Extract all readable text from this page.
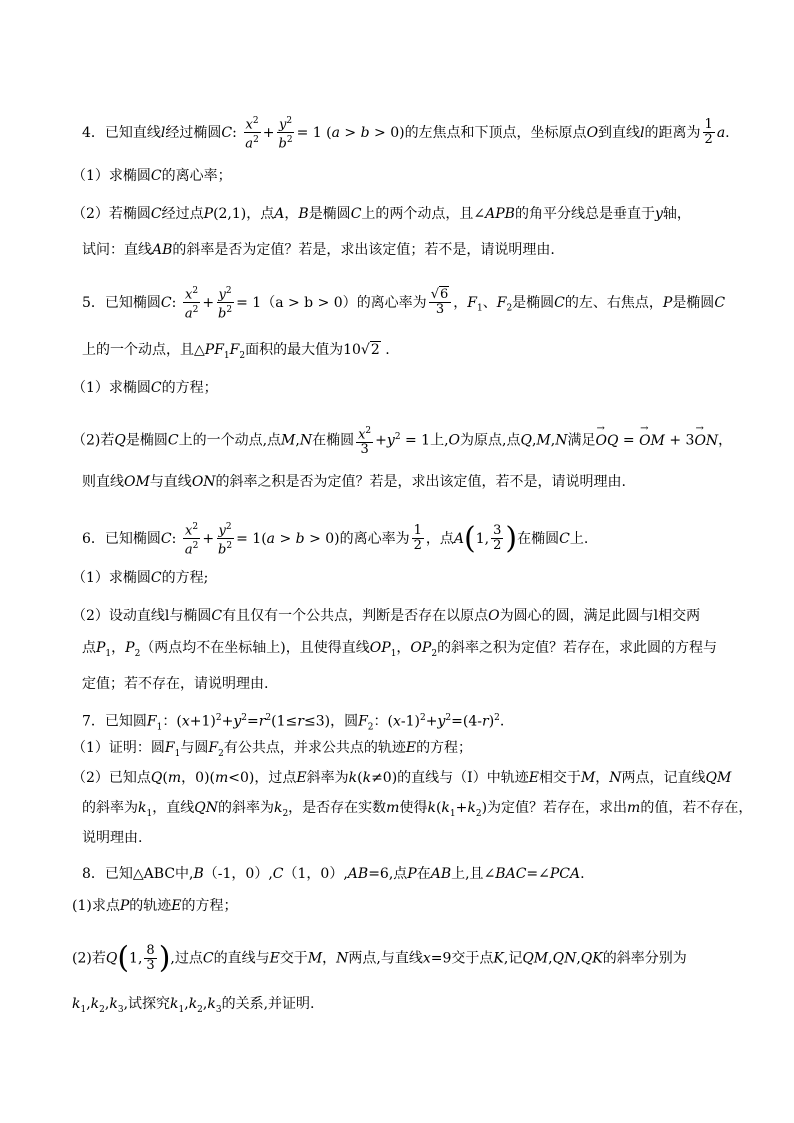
4．已知直线l经过椭圆C: $\frac{x^2}{a^2} + \frac{y^2}{b^2} = 1$ (a > b > 0)的左焦点和下顶点，坐标原点O到直线l的距离为 $\frac{1}{2} a$.
（1）求椭圆C的离心率；
（2）若椭圆C经过点P(2,1)，点A，B是椭圆C上的两个动点，且∠APB的角平分线总是垂直于y轴，
试问：直线AB的斜率是否为定值？若是，求出该定值；若不是，请说明理由.
5．已知椭圆C: $\frac{x^2}{a^2} + \frac{y^2}{b^2} = 1(a > b > 0)$的离心率为 $\frac{√6}{3}$ ，$F_1$、$F_2$是椭圆C的左、右焦点，P是椭圆C
上的一个动点，且$\triangle PF_1F_2$面积的最大值为10√2 .
（1）求椭圆C的方程；
（2)若Q是椭圆C上的一个动点,点M,N在椭圆 $\frac{x^2}{3} +y^2 = 1$上,O为原点,点Q,M,N满足→ OQ = → OM + 3→ ON，
则直线OM与直线ON的斜率之积是否为定值？若是，求出该定值，若不是，请说明理由.
6．已知椭圆C: $\frac{x^2}{a^2} + \frac{y^2}{b^2} = 1(a > b > 0)$的离心率为 $\frac{1}{2}$ ，点A(1, $\frac{3}{2}$ )在椭圆C上.
（1）求椭圆C的方程;
（2）设动直线l与椭圆C有且仅有一个公共点，判断是否存在以原点O为圆心的圆，满足此圆与l相交两
点$P_1$，$P_2$（两点均不在坐标轴上)，且使得直线$OP_1$，$OP_2$的斜率之积为定值？若存在，求此圆的方程与
定值；若不存在，请说明理由.
7．已知圆$F_1$：$(x+1)^2+y^2=r^2(1\le r\le 3)$，圆$F_2$：$(x-1)^2+y^2=(4-r)^2$.
（1）证明：圆$F_1$与圆$F_2$有公共点，并求公共点的轨迹E的方程；
（2）已知点Q(m，0)(m<0)，过点E斜率为k(k≠0)的直线与（Ⅰ）中轨迹E相交于M，N两点，记直线QM
的斜率为$k_1$，直线QN的斜率为$k_2$，是否存在实数m使得$k(k_1+k_2)$为定值？若存在，求出m的值，若不存在，
说明理由.
8．已知△ABC中,B（-1，0）,C（1，0）,AB=6,点P在AB上,且∠BAC=∠PCA.
(1)求点P的轨迹E的方程；
(2)若Q(1, $\frac{8}{3}$ ),过点C的直线与E交于M，N两点,与直线x=9交于点K,记QM,QN,QK的斜率分别为
$k_1,k_2,k_3$,试探究$k_1,k_2,k_3$的关系,并证明.
